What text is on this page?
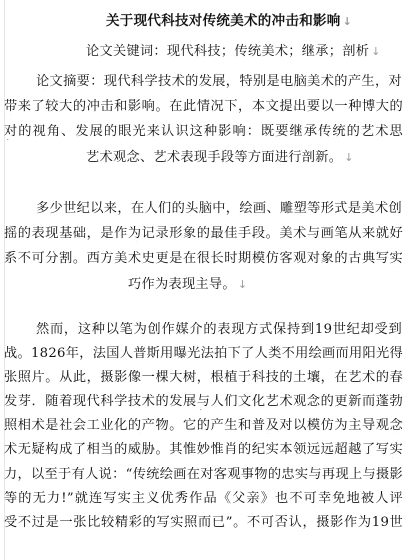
关于现代科技对传统美术的冲击和影响 ↓
论文关键词：现代科技；传统美术；继承；剖析 ↓
论文摘要：现代科学技术的发展，特别是电脑美术的产生，对
带来了较大的冲击和影响。在此情况下，本文提出要以一种博大的
对的视角、发展的眼光来认识这种影响：既要继承传统的艺术思
艺术观念、艺术表现手段等方面进行剖新。 ↓
多少世纪以来，在人们的头脑中，绘画、雕塑等形式是美术创
摇的表现基础，是作为记录形象的最佳手段。美术与画笔从来就好
系不可分割。西方美术史更是在很长时期模仿客观对象的古典写实
巧作为表现主导。 ↓
然而，这种以笔为创作媒介的表现方式保持到19世纪却受到
战。1826年，法国人普斯用曝光法拍下了人类不用绘画而用阳光得
张照片。从此，摄影像一棵大树，根植于科技的土壤，在艺术的春
发芽．随着现代科学技术的发展与人们文化艺术观念的更新而蓬勃
照相术是社会工业化的产物。它的产生和普及对以模仿为主导观念
术无疑构成了相当的威胁。其惟妙惟肖的纪实本领远远超越了写实
力，以至于有人说：“传统绘画在对客观事物的忠实与再现上与摄影
等的无力!”就连写实主义优秀作品《父亲》也不可幸免地被人评
受不过是一张比较精彩的写实照而已”。不可否认，摄影作为19世
